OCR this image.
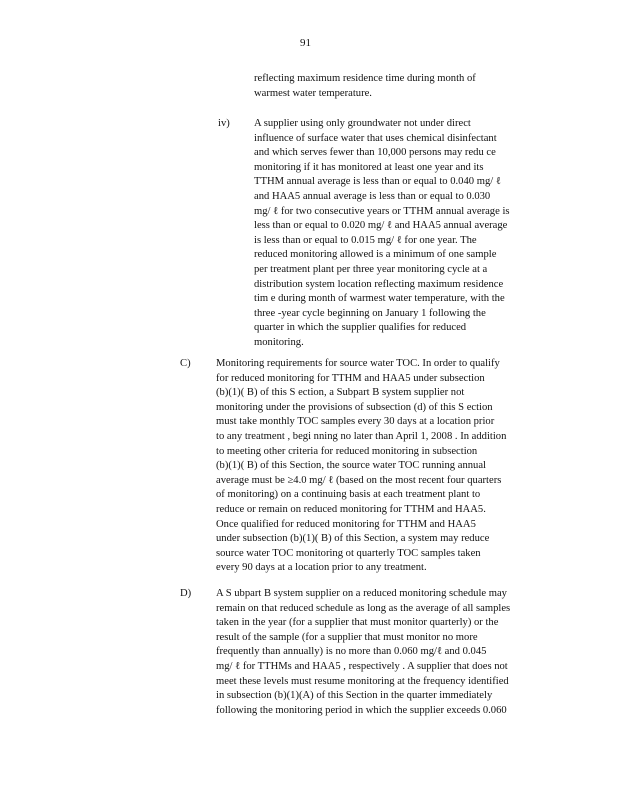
91
reflecting maximum residence time during month of
warmest water temperature.
iv) A supplier using only groundwater not under direct
influence of surface water that uses chemical disinfectant
and which serves fewer than 10,000 persons may redu ce
monitoring if it has monitored at least one year and its
TTHM annual average is less than or equal to 0.040 mg/ ℓ
and HAA5 annual average is less than or equal to 0.030
mg/ ℓ for two consecutive years or TTHM annual average is
less than or equal to 0.020 mg/ ℓ and HAA5 annual average
is less than or equal to 0.015 mg/ ℓ for one year. The
reduced monitoring allowed is a minimum of one sample
per treatment plant per three year monitoring cycle at a
distribution system location reflecting maximum residence
tim e during month of warmest water temperature, with the
three -year cycle beginning on January 1 following the
quarter in which the supplier qualifies for reduced
monitoring.
C) Monitoring requirements for source water TOC. In order to qualify
for reduced monitoring for TTHM and HAA5 under subsection
(b)(1)( B) of this S ection, a Subpart B system supplier not
monitoring under the provisions of subsection (d) of this S ection
must take monthly TOC samples every 30 days at a location prior
to any treatment , begi nning no later than April 1, 2008 . In addition
to meeting other criteria for reduced monitoring in subsection
(b)(1)( B) of this Section, the source water TOC running annual
average must be ≥4.0 mg/ ℓ (based on the most recent four quarters
of monitoring) on a continuing basis at each treatment plant to
reduce or remain on reduced monitoring for TTHM and HAA5.
Once qualified for reduced monitoring for TTHM and HAA5
under subsection (b)(1)( B) of this Section, a system may reduce
source water TOC monitoring ot quarterly TOC samples taken
every 90 days at a location prior to any treatment.
D) A S ubpart B system supplier on a reduced monitoring schedule may
remain on that reduced schedule as long as the average of all samples
taken in the year (for a supplier that must monitor quarterly) or the
result of the sample (for a supplier that must monitor no more
frequently than annually) is no more than 0.060 mg/ℓ and 0.045
mg/ ℓ for TTHMs and HAA5 , respectively . A supplier that does not
meet these levels must resume monitoring at the frequency identified
in subsection (b)(1)(A) of this Section in the quarter immediately
following the monitoring period in which the supplier exceeds 0.060
